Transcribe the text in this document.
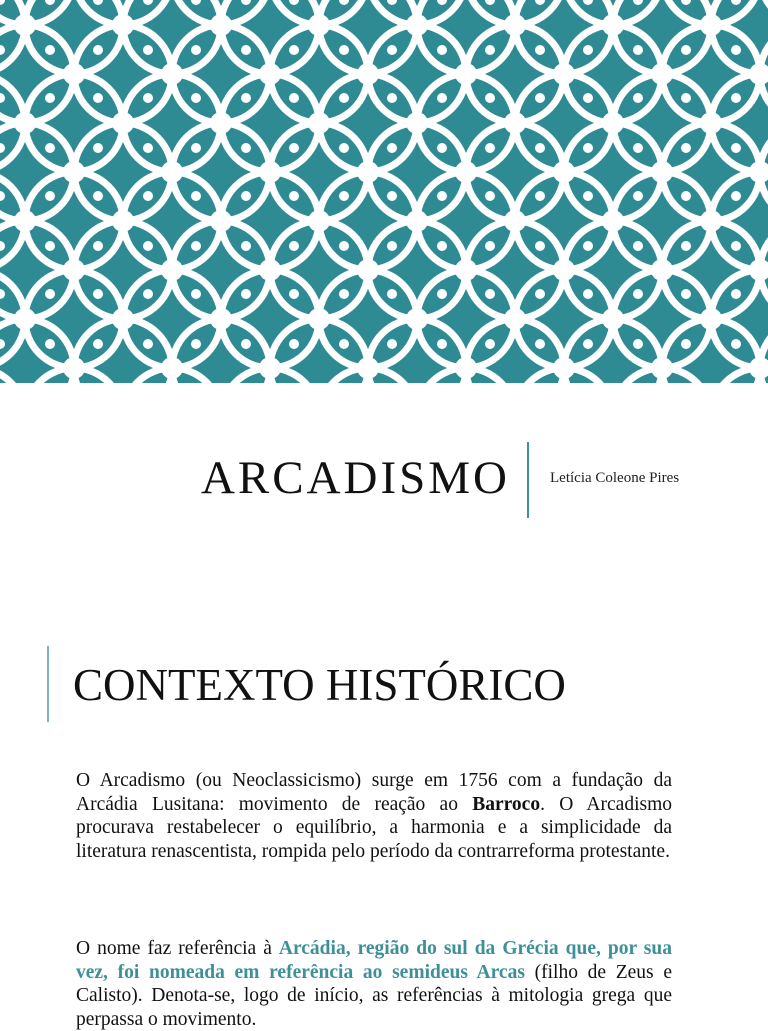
ARCADISMO	Letícia Coleone Pires
CONTEXTO HISTÓRICO

O Arcadismo (ou Neoclassicismo) surge em 1756 com a fundação da Arcádia Lusitana: movimento de reação ao Barroco. O Arcadismo procurava restabelecer o equilíbrio, a harmonia e a simplicidade da literatura renascentista, rompida pelo período da contrarreforma protestante.

O nome faz referência à Arcádia, região do sul da Grécia que, por sua vez, foi nomeada em referência ao semideus Arcas (filho de Zeus e Calisto). Denota-se, logo de início, as referências à mitologia grega que perpassa o movimento.
